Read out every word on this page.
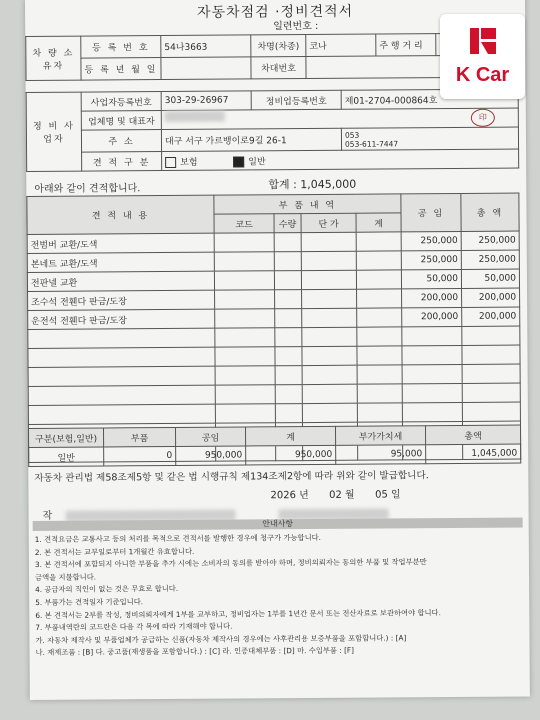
자동차점검 ·정비견적서
일련번호 :
차 량 소유자	등 록 번 호	54나3663	차명(차종)	코나	주 행 거 리	
	등 록 년 월 일		차대번호			
정 비 사업자	사업자등록번호	303-29-26967	정비업등록번호	제01-2704-000864호
	업체명 및 대표자	印		

	주 소	대구 서구 가르뱅이로9길 26-1		053
053-611-7447

	견 적 구 분	보험 일반		
아래와 같이 견적합니다.	합계 : 1,045,000
견 적 내 용	부 품 내 역				공 임	총 액
	코드	수량	단 가	계		
전범버 교환/도색					250,000	250,000
본네트 교환/도색					250,000	250,000
전판넬 교환					50,000	50,000
조수석 전휀다 판금/도장					200,000	200,000
운전석 전휀다 판금/도장					200,000	200,000

구분(보험,일반)	부품	공임	계	부가가치세	총액
일반	0	950,000	950,000	95,000	1,045,000
자동차 관리법 제58조제5항 및 같은 법 시행규칙 제134조제2항에 따라 위와 같이 발급합니다.
2026 년 02 월 05 일
작
안내사항
1. 견적요금은 교통사고 등의 처리를 목적으로 견적서를 발행한 경우에 청구가 가능합니다.
2. 본 견적서는 교부일로부터 1개월간 유효합니다.
3. 본 견적서에 포함되지 아니한 부품을 추가 시에는 소비자의 동의를 받아야 하며, 정비의뢰자는 동의한 부품 및 작업부분만
금액을 지불합니다.
4. 공급자의 직인이 없는 것은 무효로 합니다.
5. 부품가는 견적일자 기준입니다.
6. 본 견적서는 2부를 작성, 정비의뢰자에게 1부를 교부하고, 정비업자는 1부를 1년간 문서 또는 전산자료로 보관하여야 합니다.
7. 부품내역란의 코드란은 다음 각 목에 따라 기재해야 합니다.
가. 자동차 제작사 및 부품업체가 공급하는 신품(자동차 제작사의 경우에는 사후관리용 보증부품을 포함합니다.) : [A]
나. 재제조품 : [B] 다. 중고품(재생품을 포함합니다.) : [C] 라. 인증대체부품 : [D] 마. 수입부품 : [F]
K Car
